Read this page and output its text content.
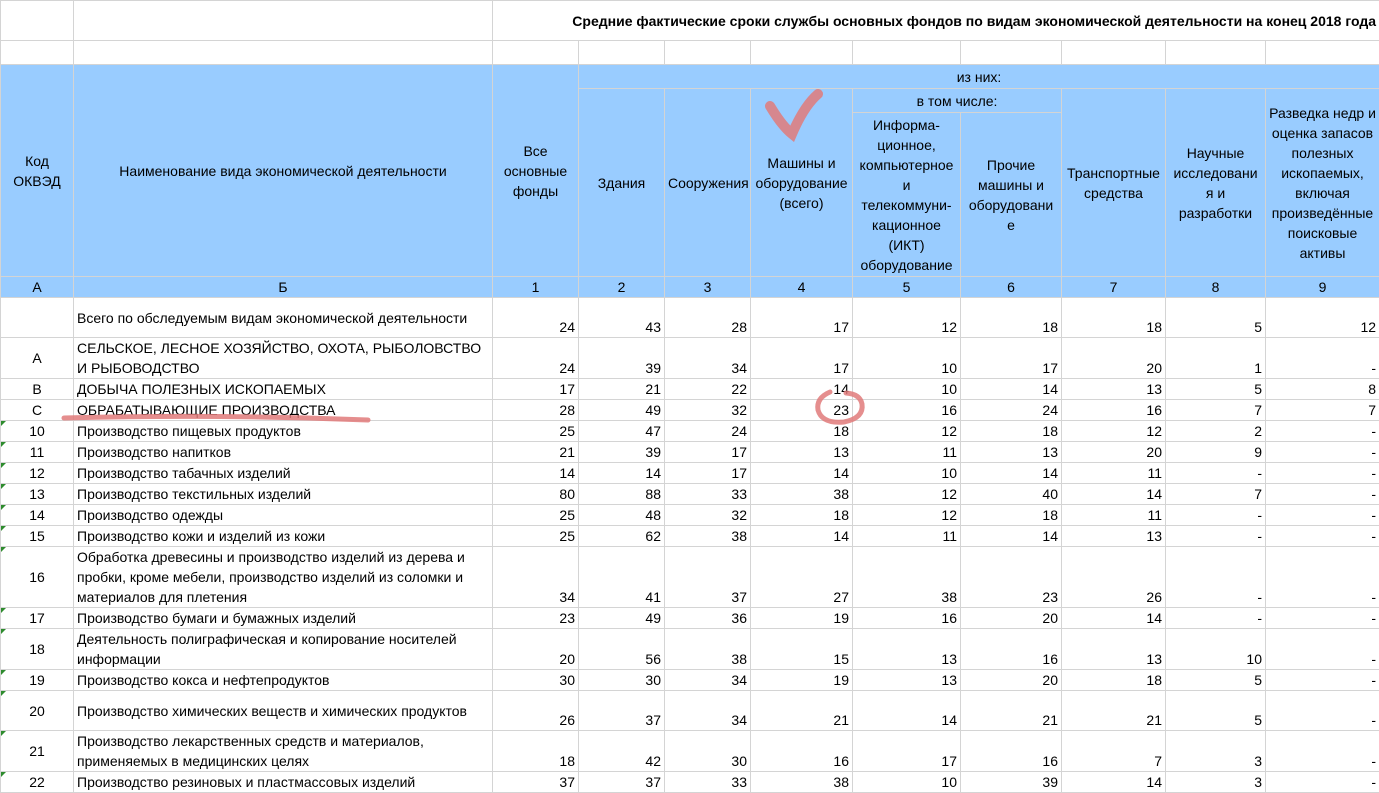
		Средние фактические сроки службы основных фондов по видам экономической деятельности на конец 2018 года								

Код ОКВЭД	Наименование вида экономической деятельности	Все основные фонды	из них:							
			Здания	Сооружения	Машины и оборудование (всего)	в том числе:		Транспортные средства	Научные исследовани я и разработки	Разведка недр и оценка запасов полезных ископаемых, включая произведённые поисковые активы
						Информа-ционное, компьютерное и телекоммуни-кационное (ИКТ) оборудование	Прочие машины и оборудовани е			

А	Б	1	2	3	4	5	6	7	8	9
	Всего по обследуемым видам экономической деятельности	24	43	28	17	12	18	18	5	12
A	СЕЛЬСКОЕ, ЛЕСНОЕ ХОЗЯЙСТВО, ОХОТА, РЫБОЛОВСТВО И РЫБОВОДСТВО	24	39	34	17	10	17	20	1	-
B	ДОБЫЧА ПОЛЕЗНЫХ ИСКОПАЕМЫХ	17	21	22	14	10	14	13	5	8
C	ОБРАБАТЫВАЮЩИЕ ПРОИЗВОДСТВА	28	49	32	23	16	24	16	7	7
10	Производство пищевых продуктов	25	47	24	18	12	18	12	2	-
11	Производство напитков	21	39	17	13	11	13	20	9	-
12	Производство табачных изделий	14	14	17	14	10	14	11	-	-
13	Производство текстильных изделий	80	88	33	38	12	40	14	7	-
14	Производство одежды	25	48	32	18	12	18	11	-	-
15	Производство кожи и изделий из кожи	25	62	38	14	11	14	13	-	-
16	Обработка древесины и производство изделий из дерева и пробки, кроме мебели, производство изделий из соломки и материалов для плетения	34	41	37	27	38	23	26	-	-
17	Производство бумаги и бумажных изделий	23	49	36	19	16	20	14	-	-
18	Деятельность полиграфическая и копирование носителей информации	20	56	38	15	13	16	13	10	-
19	Производство кокса и нефтепродуктов	30	30	34	19	13	20	18	5	-
20	Производство химических веществ и химических продуктов	26	37	34	21	14	21	21	5	-
21	Производство лекарственных средств и материалов, применяемых в медицинских целях	18	42	30	16	17	16	7	3	-
22	Производство резиновых и пластмассовых изделий	37	37	33	38	10	39	14	3	-
